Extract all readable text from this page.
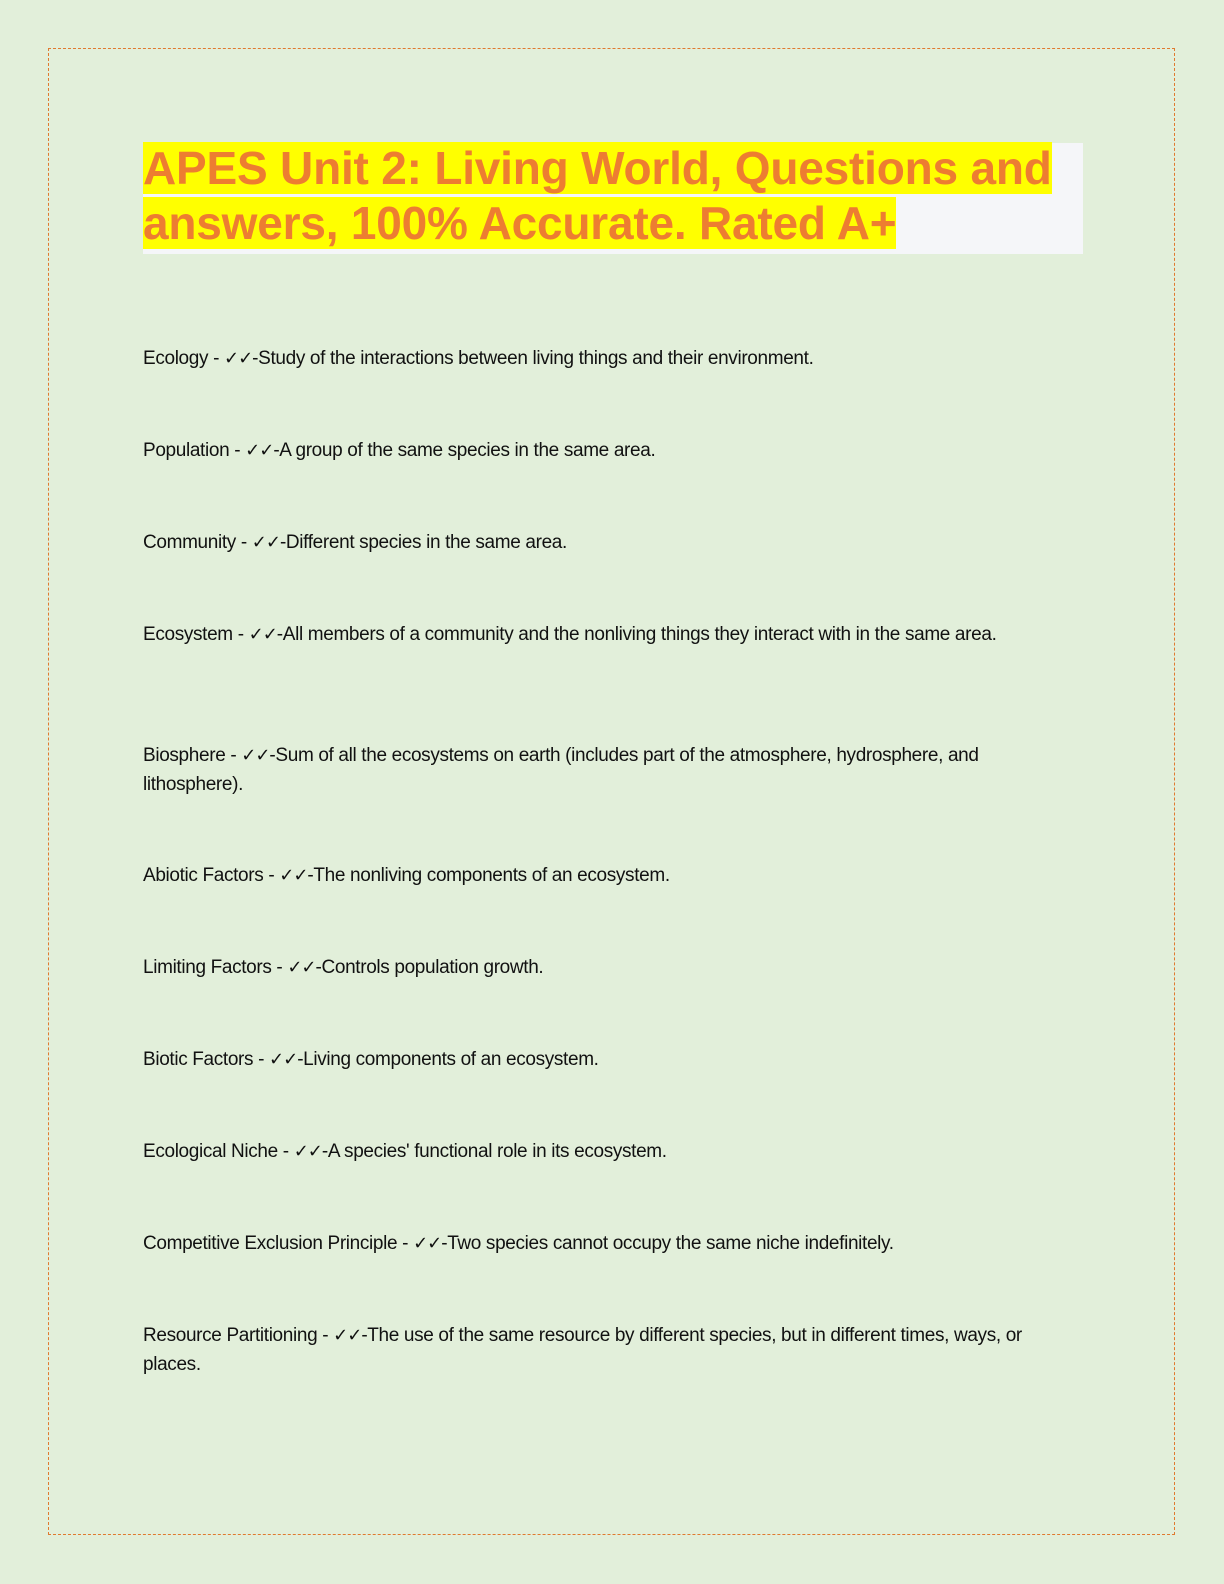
APES Unit 2: Living World, Questions and answers, 100% Accurate. Rated A+
Ecology - ✓✓-Study of the interactions between living things and their environment.
Population - ✓✓-A group of the same species in the same area.
Community - ✓✓-Different species in the same area.
Ecosystem - ✓✓-All members of a community and the nonliving things they interact with in the same area.
Biosphere - ✓✓-Sum of all the ecosystems on earth (includes part of the atmosphere, hydrosphere, and lithosphere).
Abiotic Factors - ✓✓-The nonliving components of an ecosystem.
Limiting Factors - ✓✓-Controls population growth.
Biotic Factors - ✓✓-Living components of an ecosystem.
Ecological Niche - ✓✓-A species' functional role in its ecosystem.
Competitive Exclusion Principle - ✓✓-Two species cannot occupy the same niche indefinitely.
Resource Partitioning - ✓✓-The use of the same resource by different species, but in different times, ways, or places.
